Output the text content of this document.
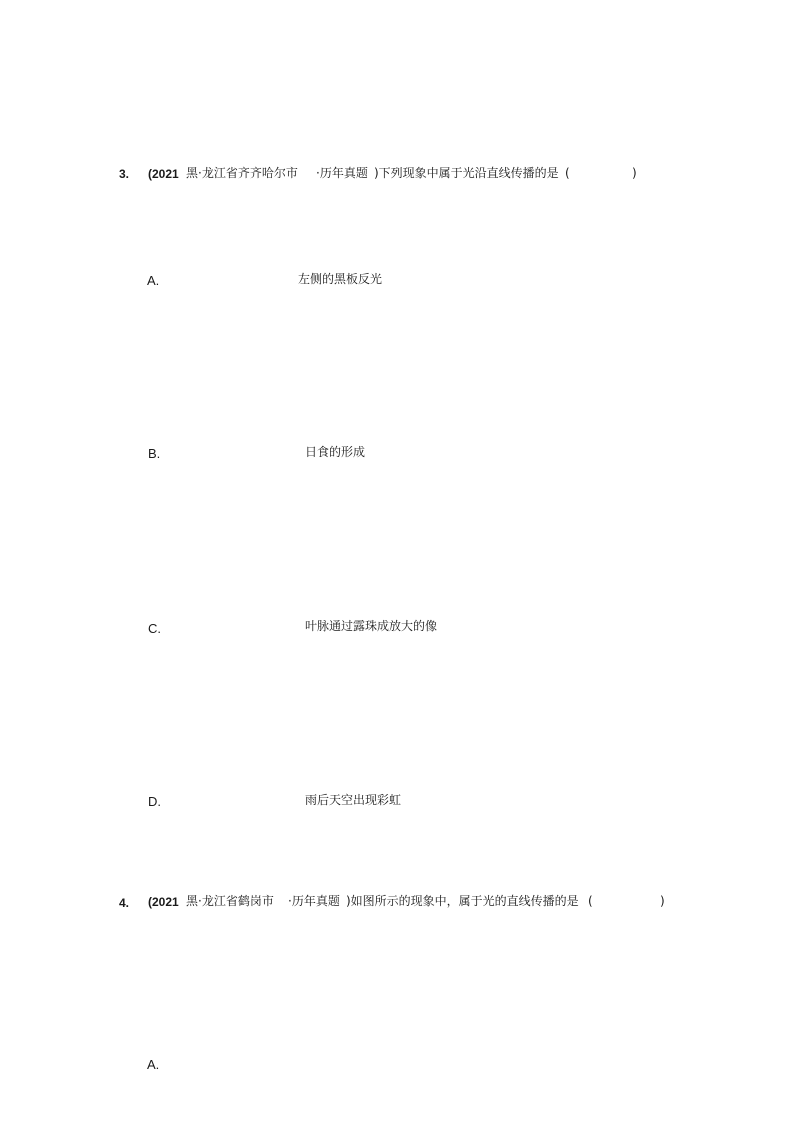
3. (2021 黑·龙江省齐齐哈尔市 ·历年真题 )下列现象中属于光沿直线传播的是 (	)
A.	左侧的黑板反光
B.	日食的形成
C.	叶脉通过露珠成放大的像
D.	雨后天空出现彩虹
4. (2021 黑·龙江省鹤岗市 ·历年真题 )如图所示的现象中，属于光的直线传播的是 (	)
A.
